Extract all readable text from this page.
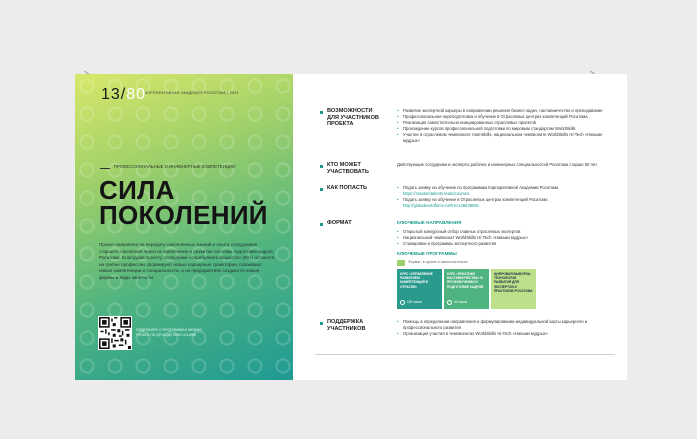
13/80
КОРПОРАТИВНАЯ АКАДЕМИЯ РОСАТОМА | 2021
ПРОФЕССИОНАЛЬНЫЕ И ИНЖЕНЕРНЫЕ КОМПЕТЕНЦИИ
СИЛА
ПОКОЛЕНИЙ
Проект направлен на передачу накопленных знаний и опыта сотрудников старшего поколения через их вовлечение в развитие системы подготовки кадров Росатома. Благодаря проекту сотрудники «серебряного возраста» (50+) остаются на гребне профессии, формируют новые карьерные траектории, осваивают новые компетенции и специальности, а на предприятиях создаются новые формы и виды занятости.
ПОДРОБНЕЕ О ПРОГРАММАХ МОЖНО УЗНАТЬ ПО QR-КОДУ ИЛИ ССЫЛКЕ
ВОЗМОЖНОСТИ ДЛЯ УЧАСТНИКОВ ПРОЕКТА
• Развитие экспертной карьеры в направлении решения бизнес-задач, наставничество и преподавание
• Профессиональная переподготовка и обучение в Отраслевых центрах компетенций Росатома
• Реализация самостоятельно инициированных отраслевых проектов
• Прохождение курсов профессиональной подготовки по мировым стандартам WorldSkills
• Участие в отраслевом чемпионате AtomSkills, национальном чемпионате WorldSkills Hi-Tech «Навыки мудрых»
КТО МОЖЕТ УЧАСТВОВАТЬ
Действующие сотрудники и эксперты рабочих и инженерных специальностей Росатома старше 50 лет
КАК ПОПАСТЬ
•	Подать заявку на обучение по программам Корпоративной Академии Росатома
https://rosatomtalents.team/courses
• Подать заявку на обучение в Отраслевых центрах компетенций Росатома
http://globalworldforce.ru/#rec136638891
ФОРМАТ	КЛЮЧЕВЫЕ НАПРАВЛЕНИЯ
• Открытый конкурсный отбор главных отраслевых экспертов
• Национальный чемпионат WorldSkills Hi-Tech «Навыки мудрых»
• Стажировки и программы экспертного развития
КЛЮЧЕВЫЕ ПРОГРАММЫ
Формат: в группе и самостоятельно
КУРС «УПРАВЛЕНИЕ РАЗВИТИЕМ КОМПЕТЕНЦИЙ В ОТРАСЛИ»
100 часов
КУРС «ПРАКТИКИ НАСТАВНИЧЕСТВА» В ПРОФОБУЧЕНИИ И ПОДГОТОВКЕ КАДРОВ
40 часов
ЦИФРОВАЯ ВЫБОРКА: ТЕХНОЛОГИИ РАЗВИТИЯ ДЛЯ ЭКСПЕРТОВ И ПРАКТИКОВ РОСАТОМА
ПОДДЕРЖКА УЧАСТНИКОВ
• Помощь в определении направления и формулировании индивидуальной карты карьерного и профессионального развития
• Организация участия в чемпионатах WorldSkills Hi-Tech «Навыки мудрых»
